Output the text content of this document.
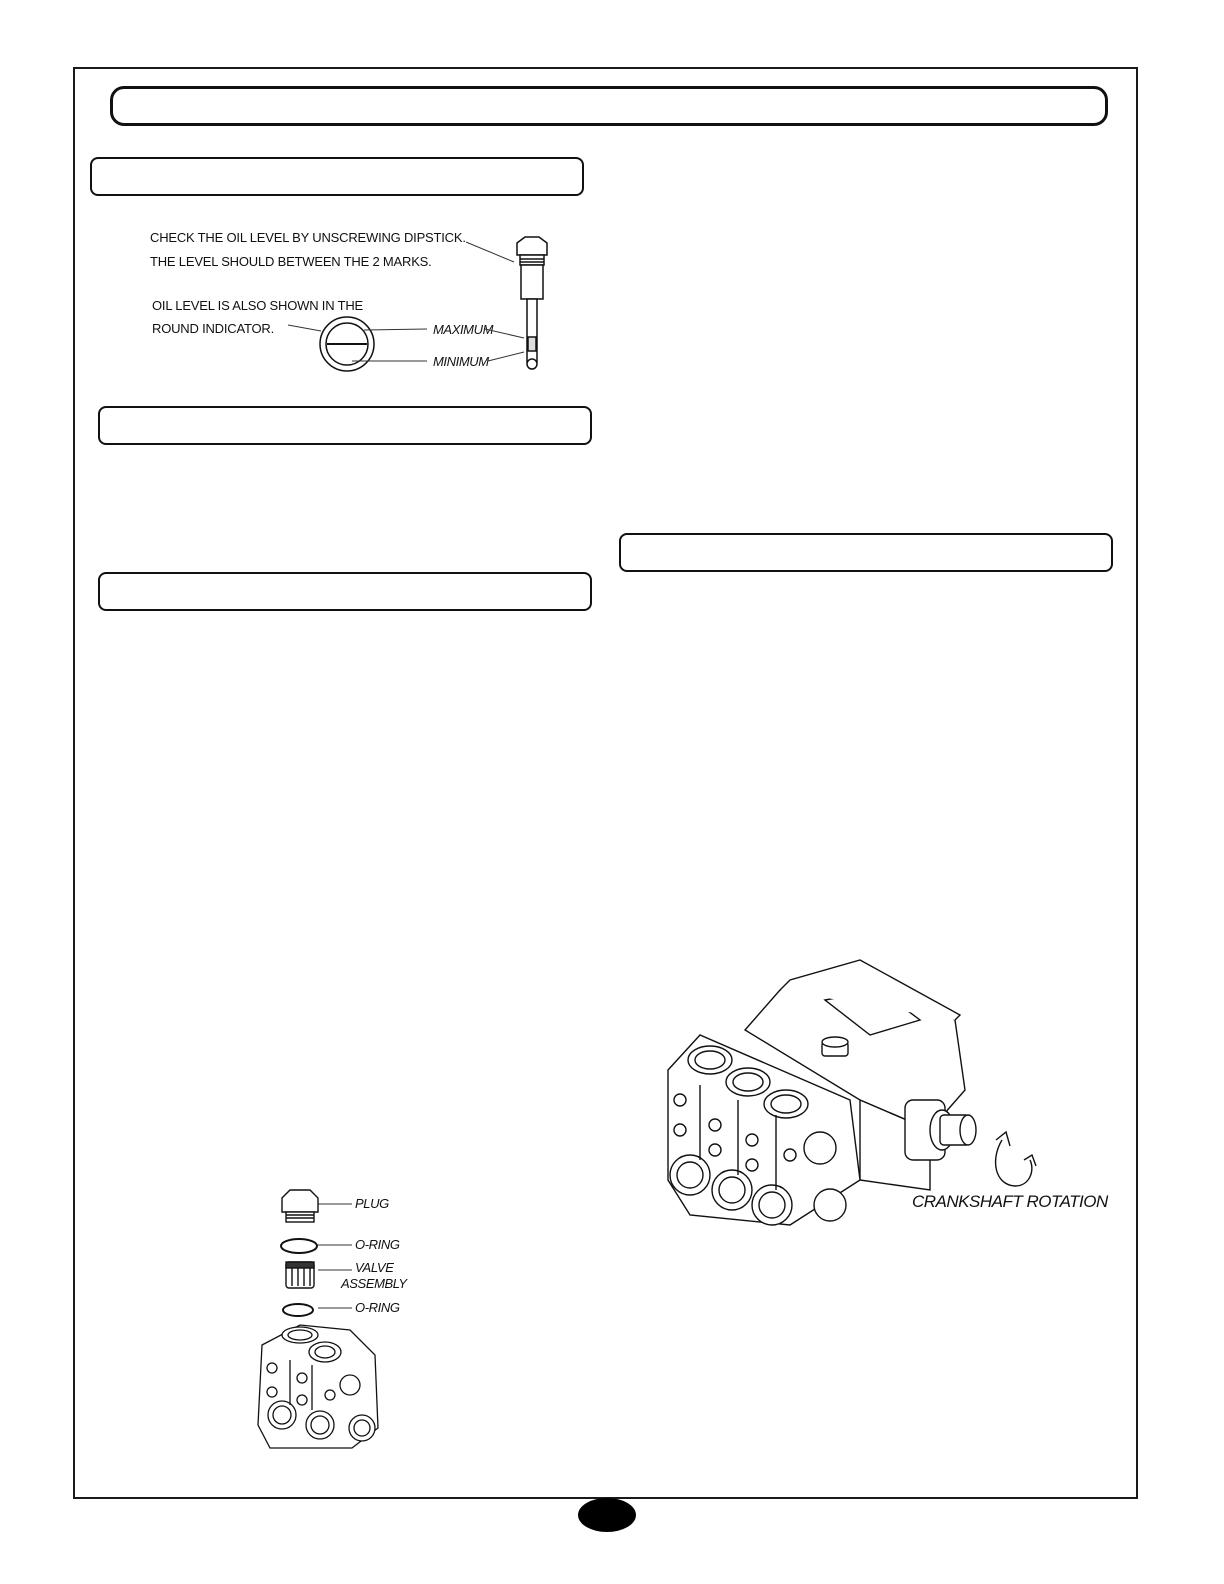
CHECK THE OIL LEVEL BY UNSCREWING DIPSTICK.
THE LEVEL SHOULD BETWEEN THE 2 MARKS.
OIL LEVEL IS ALSO SHOWN IN THE
ROUND INDICATOR.	MAXIMUM
MINIMUM
PLUG
O-RING
VALVE
ASSEMBLY
O-RING
CRANKSHAFT ROTATION
